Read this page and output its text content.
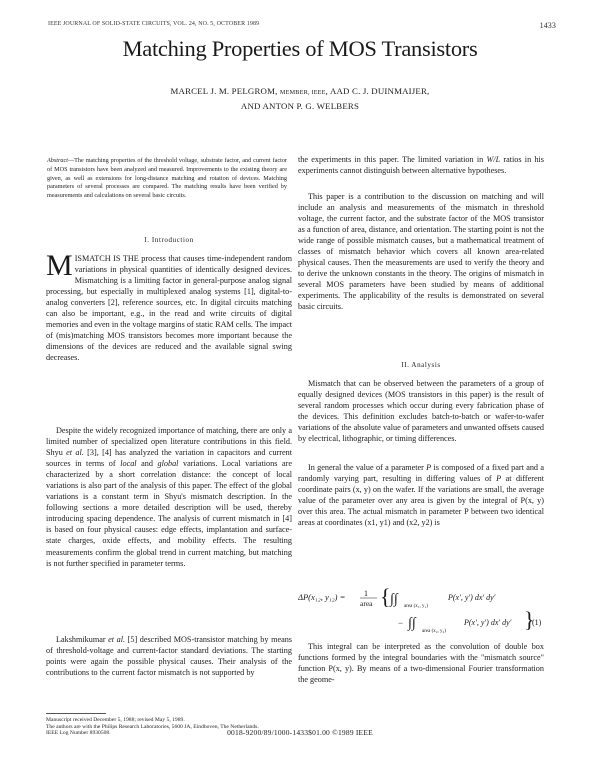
IEEE JOURNAL OF SOLID-STATE CIRCUITS, VOL. 24, NO. 5, OCTOBER 1989	1433
Matching Properties of MOS Transistors
MARCEL J. M. PELGROM, MEMBER, IEEE, AAD C. J. DUINMAIJER,
AND ANTON P. G. WELBERS
Abstract—The matching properties of the threshold voltage, substrate factor, and current factor of MOS transistors have been analyzed and measured. Improvements to the existing theory are given, as well as extensions for long-distance matching and rotation of devices. Matching parameters of several processes are compared. The matching results have been verified by measurements and calculations on several basic circuits.
I. Introduction
MISMATCH IS THE process that causes time-independent random variations in physical quantities of identically designed devices. Mismatching is a limiting factor in general-purpose analog signal processing, but especially in multiplexed analog systems [1], digital-to-analog converters [2], reference sources, etc. In digital circuits matching can also be important, e.g., in the read and write circuits of digital memories and even in the voltage margins of static RAM cells. The impact of (mis)matching MOS transistors becomes more important because the dimensions of the devices are reduced and the available signal swing decreases.
Despite the widely recognized importance of matching, there are only a limited number of specialized open literature contributions in this field. Shyu et al. [3], [4] has analyzed the variation in capacitors and current sources in terms of local and global variations. Local variations are characterized by a short correlation distance: the concept of local variations is also part of the analysis of this paper. The effect of the global variations is a constant term in Shyu's mismatch description. In the following sections a more detailed description will be used, thereby introducing spacing dependence. The analysis of current mismatch in [4] is based on four physical causes: edge effects, implantation and surface-state charges, oxide effects, and mobility effects. The resulting measurements confirm the global trend in current matching, but matching is not further specified in parameter terms.
Lakshmikumar et al. [5] described MOS-transistor matching by means of threshold-voltage and current-factor standard deviations. The starting points were again the possible physical causes. Their analysis of the contributions to the current factor mismatch is not supported by
Manuscript received December 5, 1988; revised May 5, 1989.
The authors are with the Philips Research Laboratories, 5600 JA, Eindhoven, The Netherlands.
IEEE Log Number 8930508.
the experiments in this paper. The limited variation in W/L ratios in his experiments cannot distinguish between alternative hypotheses.
This paper is a contribution to the discussion on matching and will include an analysis and measurements of the mismatch in threshold voltage, the current factor, and the substrate factor of the MOS transistor as a function of area, distance, and orientation. The starting point is not the wide range of possible mismatch causes, but a mathematical treatment of classes of mismatch behavior which covers all known area-related physical causes. Then the measurements are used to verify the theory and to derive the unknown constants in the theory. The origins of mismatch in several MOS parameters have been studied by means of additional experiments. The applicability of the results is demonstrated on several basic circuits.
II. Analysis
Mismatch that can be observed between the parameters of a group of equally designed devices (MOS transistors in this paper) is the result of several random processes which occur during every fabrication phase of the devices. This definition excludes batch-to-batch or wafer-to-wafer variations of the absolute value of parameters and unwanted offsets caused by electrical, lithographic, or timing differences.
In general the value of a parameter P is composed of a fixed part and a randomly varying part, resulting in differing values of P at different coordinate pairs (x, y) on the wafer. If the variations are small, the average value of the parameter over any area is given by the integral of P(x, y) over this area. The actual mismatch in parameter P between two identical areas at coordinates (x1, y1) and (x2, y2) is
ΔP(x₁₂, y₁₂) = 1
area { ∫∫ area (x₁, y₁)
P(x′, y′) dx′ dy′
− ∫∫
area (x₂, y₂)
P(x′, y′) dx′ dy′ }
(1)
This integral can be interpreted as the convolution of double box functions formed by the integral boundaries with the "mismatch source" function P(x, y). By means of a two-dimensional Fourier transformation the geome-
0018-9200/89/1000-1433$01.00 ©1989 IEEE
